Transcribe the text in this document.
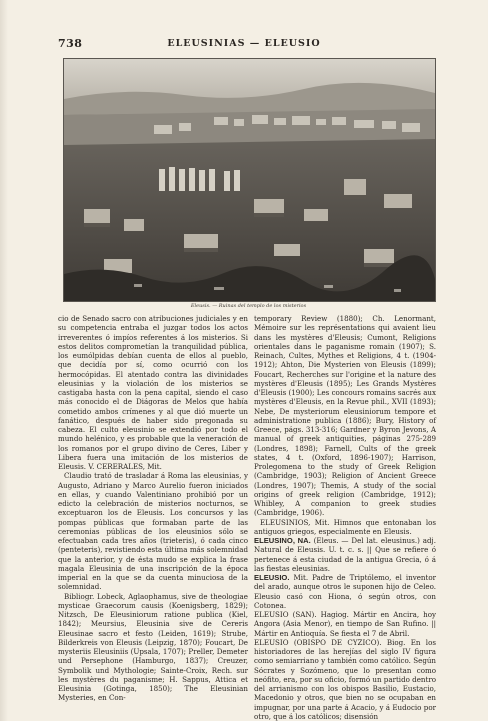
738	ELEUSINIAS — ELEUSIO
Eleusis. — Ruinas del templo de los misterios

cio de Senado sacro con atribuciones judiciales y en su competencia entraba el juzgar todos los actos irreverentes ó impíos referentes á los misterios. Si estos delitos comprometían la tranquilidad pública, los eumólpidas debían cuenta de ellos al pueblo, que decidía por sí, como ocurrió con los hermocópidas. El atentado contra las divinidades eleusinias y la violación de los misterios se castigaba hasta con la pena capital, siendo el caso más conocido el de Diágoras de Melos que había cometido ambos crímenes y al que dió muerte un fanático, después de haber sido pregonada su cabeza. El culto eleusinio se extendió por todo el mundo helénico, y es probable que la veneración de los romanos por el grupo divino de Ceres, Liber y Libera fuera una imitación de los misterios de Eleusis. V. CERERALES, Mit.

Claudio trató de trasladar á Roma las eleusinias, y Augusto, Adriano y Marco Aurelio fueron iniciados en ellas, y cuando Valentiniano prohibió por un edicto la celebración de misterios nocturnos, se exceptuaron los de Eleusis. Los concursos y las pompas públicas que formaban parte de las ceremonias públicas de los eleusinios sólo se efectuaban cada tres años (trieteris), ó cada cinco (penteteris), revistiendo esta última más solemnidad que la anterior, y de ésta mudo se explica la frase magala Eleusinia de una inscripción de la época imperial en la que se da cuenta minuciosa de la solemnidad.

Bibliogr. Lobeck, Aglaophamus, sive de theologiae mysticae Graecorum causis (Koenigsberg, 1829); Nitzsch, De Eleusiniorum ratione publica (Kiel, 1842); Meursius, Eleusinia sive de Cereris Eleusinae sacro et festo (Leiden, 1619); Strube, Bilderkreis von Eleusis (Leipzig, 1870); Foucart, De mysteriis Eleusiniis (Upsala, 1707); Preller, Demeter und Persephone (Hamburgo, 1837); Creuzer, Symbolik und Mythologie; Sainte-Croix, Rech. sur les mystères du paganisme; H. Sappus, Attica et Eleusinia (Gotinga, 1850); The Eleusinian Mysteries, en Con-

temporary Review (1880); Ch. Lenormant, Mémoire sur les représentations qui avaient lieu dans les mystères d'Eleusis; Cumont, Religions orientales dans le paganisme romain (1907); S. Reinach, Cultes, Mythes et Religions, 4 t. (1904-1912); Ahton, Die Mysterien von Eleusis (1899); Foucart, Recherches sur l'origine et la nature des mystères d'Eleusis (1895); Les Grands Mystères d'Eleusis (1900); Les concours romains sacrés aux mystères d'Eleusis, en la Revue phil., XVII (1893); Nebe, De mysteriorum eleusiniorum tempore et administratione publica (1886); Bury, History of Greece, págs. 313-316; Gardner y Byron Jevons, A manual of greek antiquities, páginas 275-289 (Londres, 1898); Farnell, Cults of the greek states, 4 t. (Oxford, 1896-1907); Harrison, Prolegomena to the study of Greek Religion (Cambridge, 1903); Religion of Ancient Greece (Londres, 1907); Themis, A study of the social origins of greek religion (Cambridge, 1912); Whibley, A companion to greek studies (Cambridge, 1906).

ELEUSINIOS, Mit. Himnos que entonaban los antiguos griegos, especialmente en Eleusis.

ELEUSINO, NA. (Eleus. — Del lat. eleusinus.) adj. Natural de Eleusis. U. t. c. s. || Que se refiere ó pertenece á esta ciudad de la antigua Grecia, ó á las fiestas eleusinias.

ELEUSIO. Mit. Padre de Triptólemo, el inventor del arado, aunque otros le suponen hijo de Celeo. Eleusio casó con Hiona, ó según otros, con Cotonea.

ELEUSIO (SAN). Hagiog. Mártir en Ancira, hoy Angora (Asia Menor), en tiempo de San Rufino. || Mártir en Antioquía. Se fiesta el 7 de Abril.

ELEUSIO (OBISPO DE CYZICO). Biog. En los historiadores de las herejías del siglo IV figura como semiarriano y también como católico. Según Sócrates y Sozómeno, que lo presentan como neófito, era, por su oficio, formó un partido dentro del arrianismo con los obispos Basilio, Eustacio, Macedonio y otros, que bien no se ocupaban en impugnar, por una parte á Acacio, y á Eudocio por otro, que á los católicos; disensión
